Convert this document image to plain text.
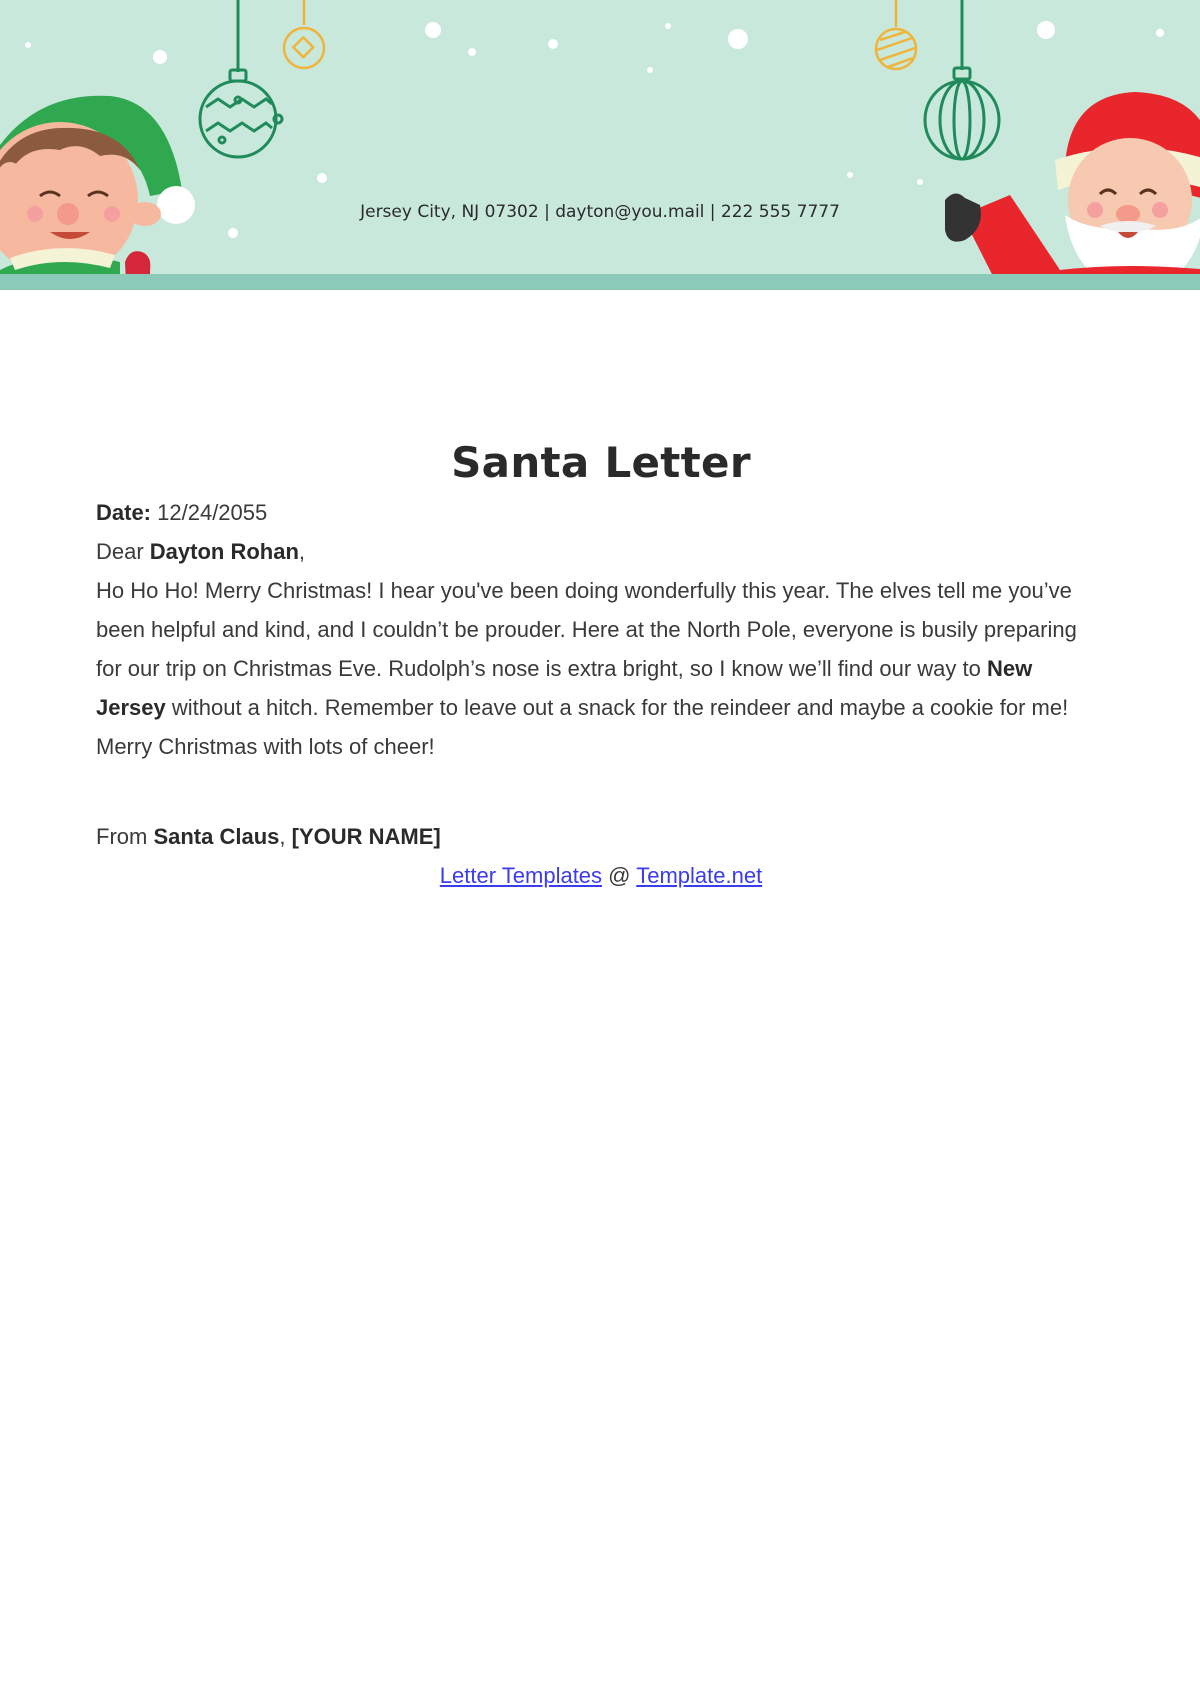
Jersey City, NJ 07302 | dayton@you.mail | 222 555 7777
Santa Letter

Date: 12/24/2055

Dear Dayton Rohan,

Ho Ho Ho! Merry Christmas! I hear you've been doing wonderfully this year. The elves tell me you’ve been helpful and kind, and I couldn’t be prouder. Here at the North Pole, everyone is busily preparing for our trip on Christmas Eve. Rudolph’s nose is extra bright, so I know we’ll find our way to New Jersey without a hitch. Remember to leave out a snack for the reindeer and maybe a cookie for me!

Merry Christmas with lots of cheer!

From Santa Claus, [YOUR NAME]

Letter Templates @ Template.net
